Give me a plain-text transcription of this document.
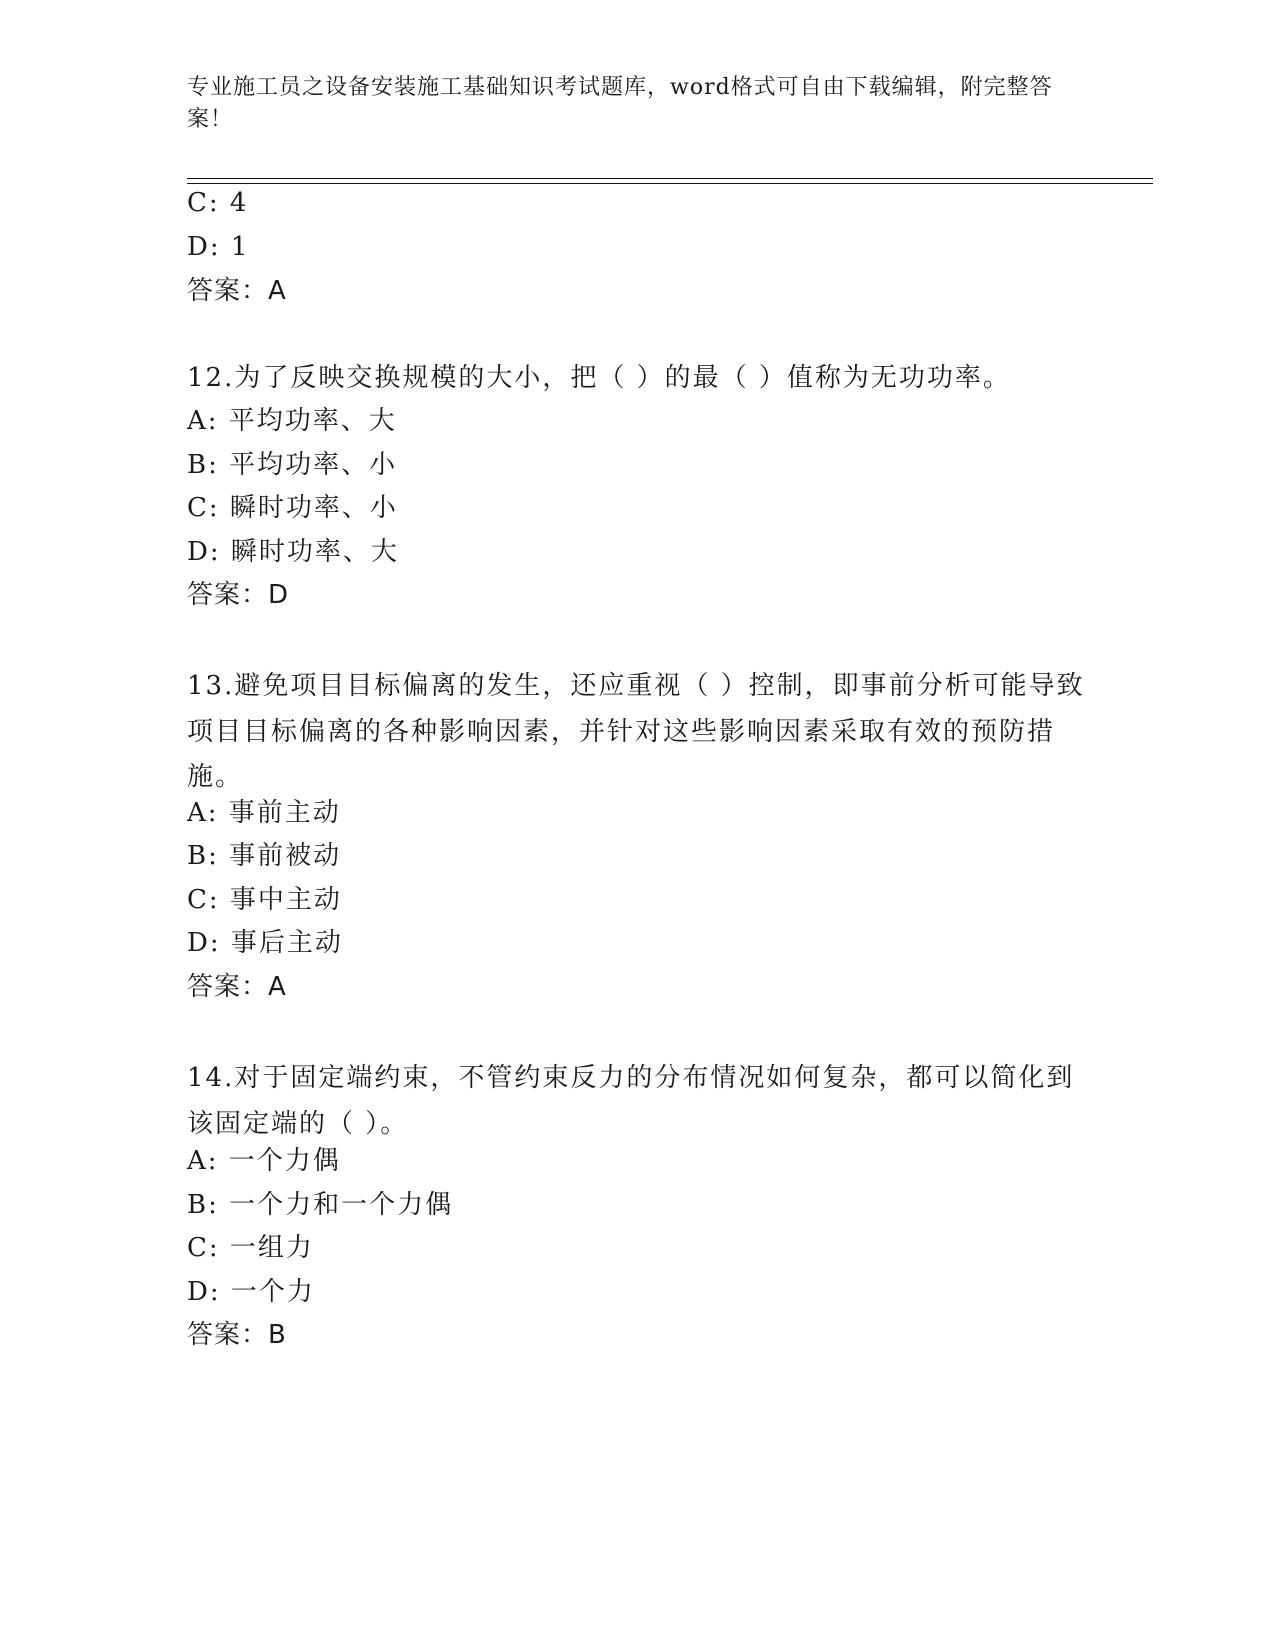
专业施工员之设备安装施工基础知识考试题库，word格式可自由下载编辑，附完整答案！
C: 4
D: 1
答案：A
12.为了反映交换规模的大小，把（ ）的最（ ）值称为无功功率。
A: 平均功率、大
B: 平均功率、小
C: 瞬时功率、小
D: 瞬时功率、大
答案：D
13.避免项目目标偏离的发生，还应重视（ ）控制，即事前分析可能导致项目目标偏离的各种影响因素，并针对这些影响因素采取有效的预防措施。
A: 事前主动
B: 事前被动
C: 事中主动
D: 事后主动
答案：A
14.对于固定端约束，不管约束反力的分布情况如何复杂，都可以简化到该固定端的（ ）。
A: 一个力偶
B: 一个力和一个力偶
C: 一组力
D: 一个力
答案：B
